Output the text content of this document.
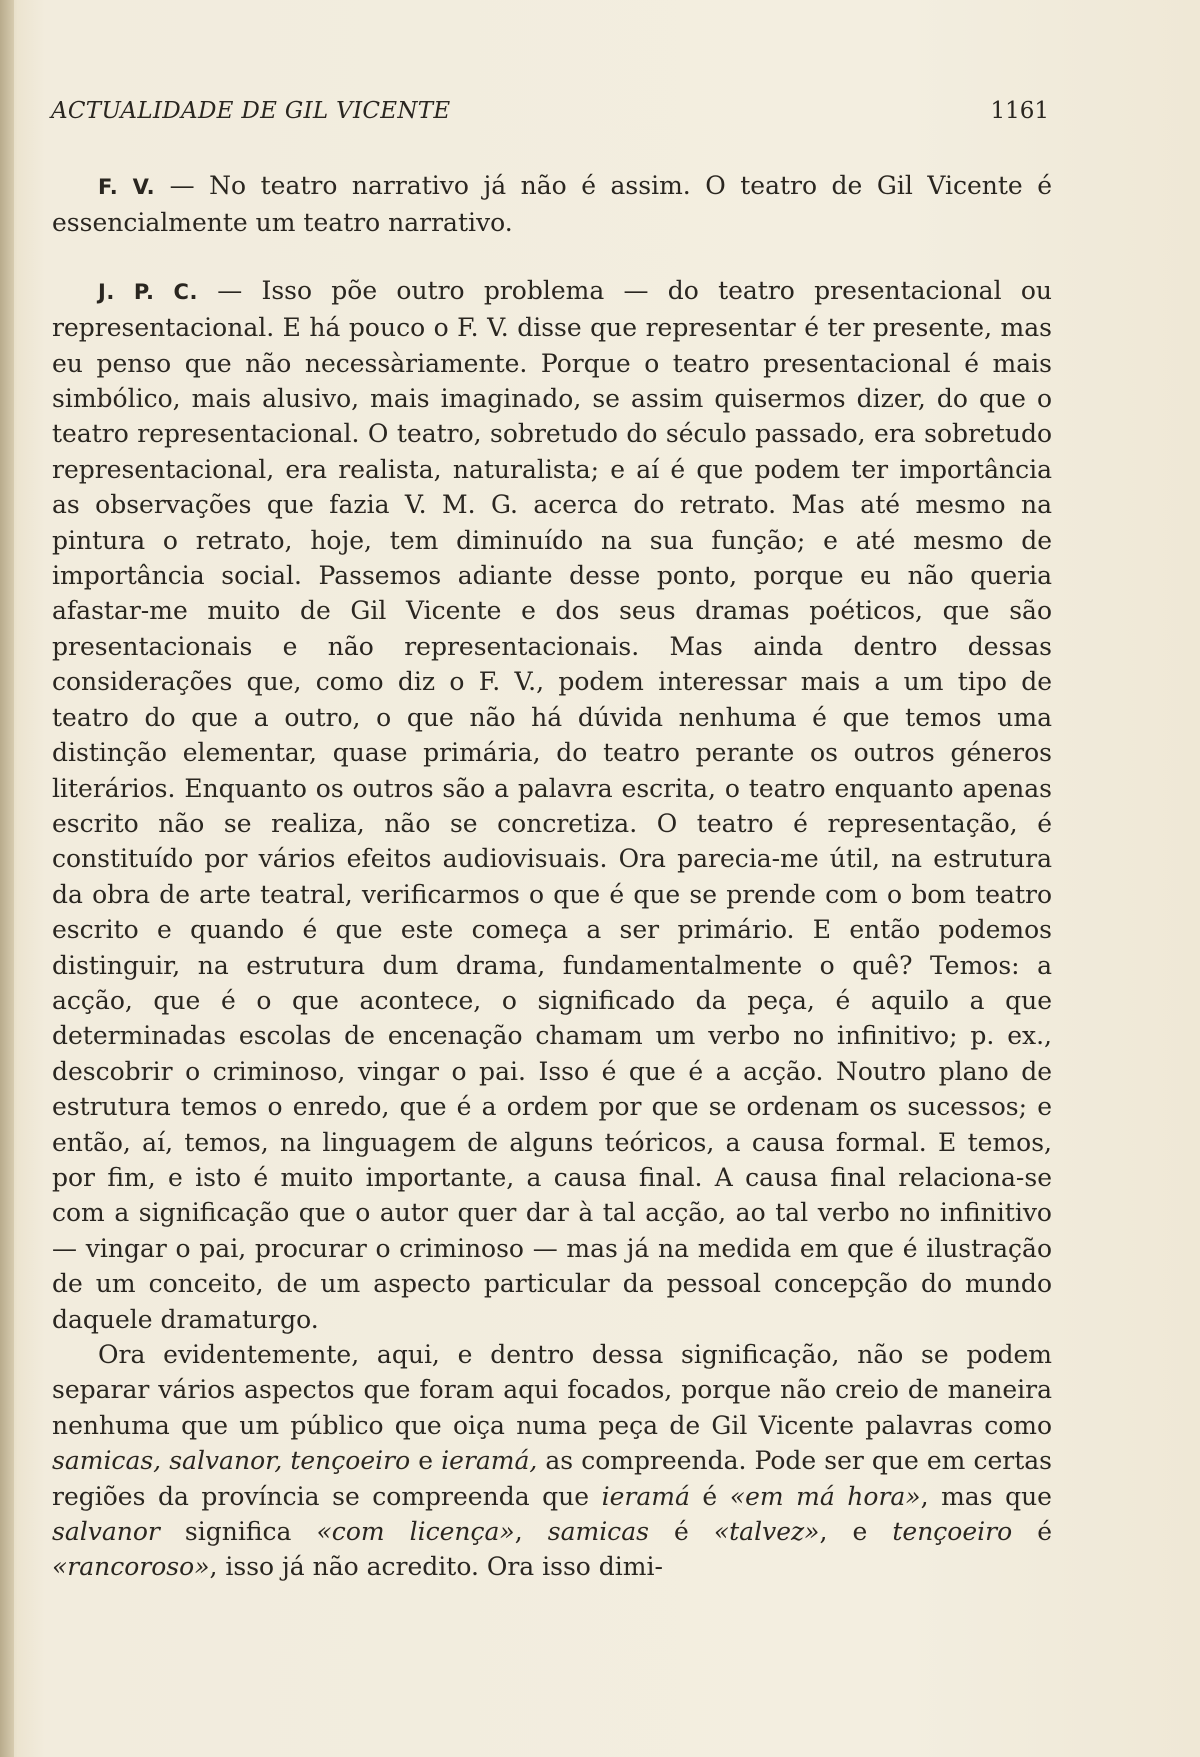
ACTUALIDADE DE GIL VICENTE	1161

F. V. — No teatro narrativo já não é assim. O teatro de Gil Vicente é essencialmente um teatro narrativo.

J. P. C. — Isso põe outro problema — do teatro presentacional ou representacional. E há pouco o F. V. disse que representar é ter presente, mas eu penso que não necessàriamente. Porque o teatro presentacional é mais simbólico, mais alusivo, mais imaginado, se assim quisermos dizer, do que o teatro representacional. O teatro, sobretudo do século passado, era sobretudo representacional, era realista, naturalista; e aí é que podem ter importância as observações que fazia V. M. G. acerca do retrato. Mas até mesmo na pintura o retrato, hoje, tem diminuído na sua função; e até mesmo de importância social. Passemos adiante desse ponto, porque eu não queria afastar-me muito de Gil Vicente e dos seus dramas poéticos, que são presentacionais e não representacionais. Mas ainda dentro dessas considerações que, como diz o F. V., podem interessar mais a um tipo de teatro do que a outro, o que não há dúvida nenhuma é que temos uma distinção elementar, quase primária, do teatro perante os outros géneros literários. Enquanto os outros são a palavra escrita, o teatro enquanto apenas escrito não se realiza, não se concretiza. O teatro é representação, é constituído por vários efeitos audiovisuais. Ora parecia-me útil, na estrutura da obra de arte teatral, verificarmos o que é que se prende com o bom teatro escrito e quando é que este começa a ser primário. E então podemos distinguir, na estrutura dum drama, fundamentalmente o quê? Temos: a acção, que é o que acontece, o significado da peça, é aquilo a que determinadas escolas de encenação chamam um verbo no infinitivo; p. ex., descobrir o criminoso, vingar o pai. Isso é que é a acção. Noutro plano de estrutura temos o enredo, que é a ordem por que se ordenam os sucessos; e então, aí, temos, na linguagem de alguns teóricos, a causa formal. E temos, por fim, e isto é muito importante, a causa final. A causa final relaciona-se com a significação que o autor quer dar à tal acção, ao tal verbo no infinitivo — vingar o pai, procurar o criminoso — mas já na medida em que é ilustração de um conceito, de um aspecto particular da pessoal concepção do mundo daquele dramaturgo.

Ora evidentemente, aqui, e dentro dessa significação, não se podem separar vários aspectos que foram aqui focados, porque não creio de maneira nenhuma que um público que oiça numa peça de Gil Vicente palavras como samicas, salvanor, tençoeiro e ieramá, as compreenda. Pode ser que em certas regiões da província se compreenda que ieramá é «em má hora», mas que salvanor significa «com licença», samicas é «talvez», e tençoeiro é «rancoroso», isso já não acredito. Ora isso dimi-
